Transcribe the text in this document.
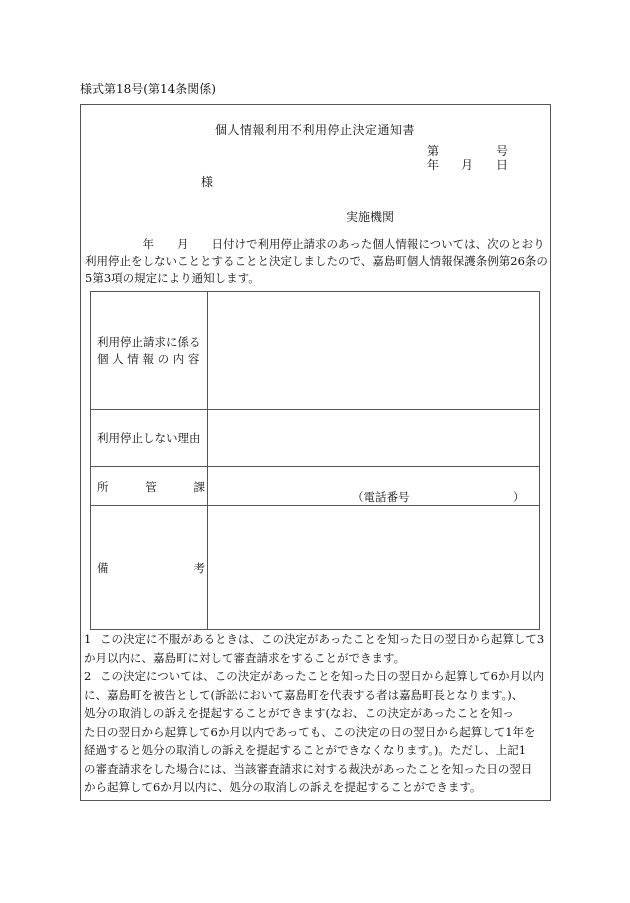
様式第18号(第14条関係)
個人情報利用不利用停止決定通知書
第	号
年 月 日
様
実施機関
　　　　　年　　月　　日付けで利用停止請求のあった個人情報については、次のとおり
利用停止をしないこととすることと決定しましたので、嘉島町個人情報保護条例第26条の
5第3項の規定により通知します。
利用停止請求に係る
個 人 情 報 の 内 容
利用停止しない理由
所	管	課
（電話番号　　　　　　　　　）
備	考
1 この決定に不服があるときは、この決定があったことを知った日の翌日から起算して3
か月以内に、嘉島町に対して審査請求をすることができます。
2 この決定については、この決定があったことを知った日の翌日から起算して6か月以内
に、嘉島町を被告として(訴訟において嘉島町を代表する者は嘉島町長となります。)、
処分の取消しの訴えを提起することができます(なお、この決定があったことを知っ
た日の翌日から起算して6か月以内であっても、この決定の日の翌日から起算して1年を
経過すると処分の取消しの訴えを提起することができなくなります。)。ただし、上記1
の審査請求をした場合には、当該審査請求に対する裁決があったことを知った日の翌日
から起算して6か月以内に、処分の取消しの訴えを提起することができます。
